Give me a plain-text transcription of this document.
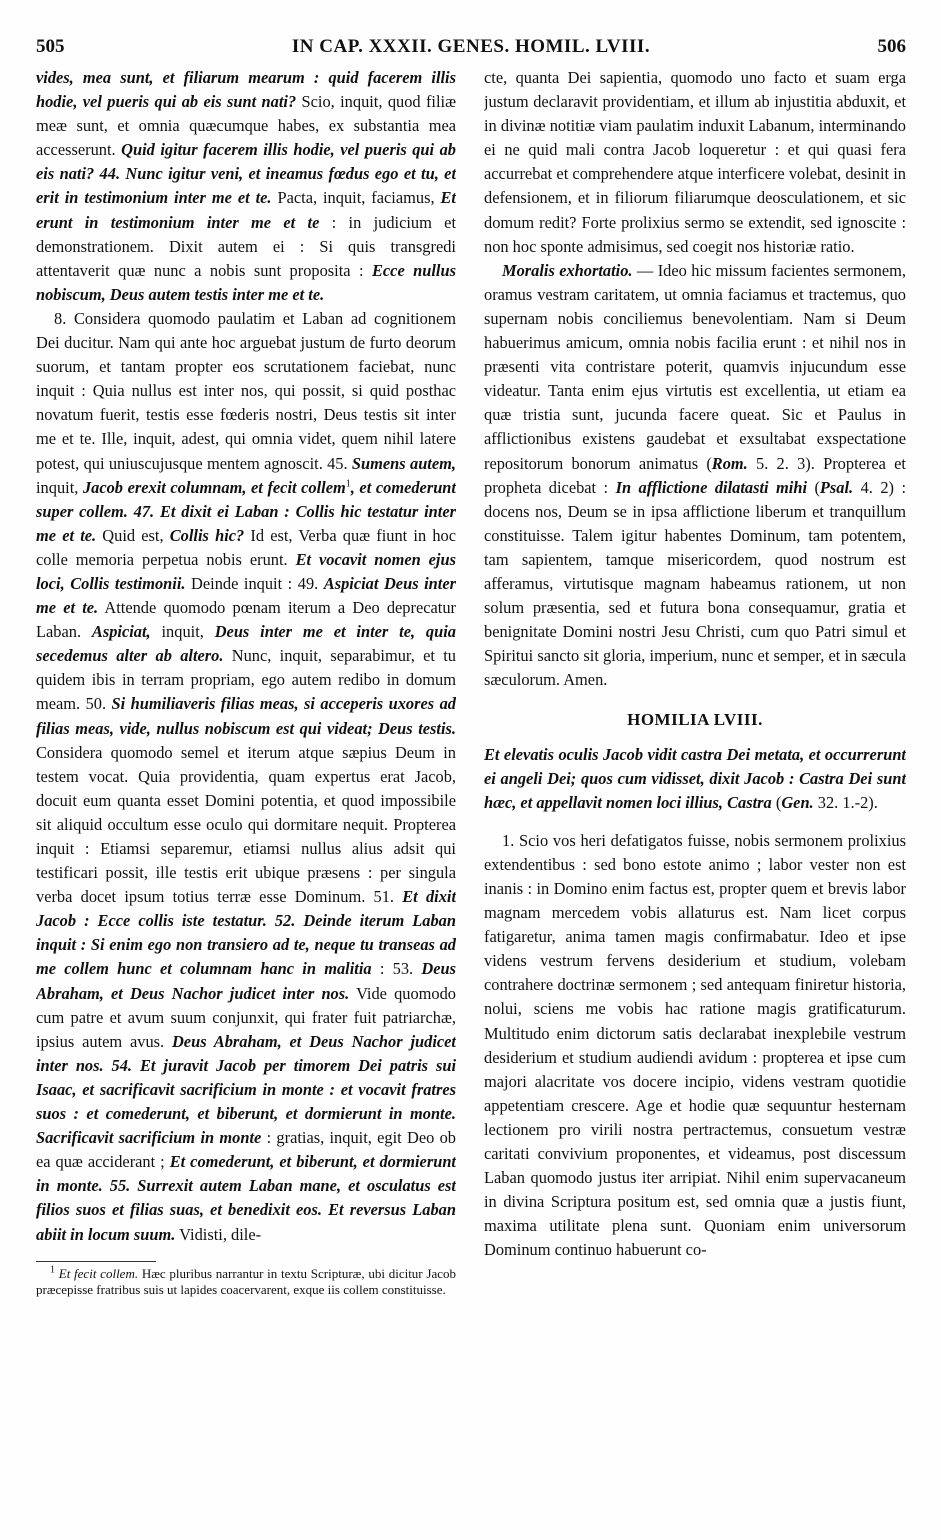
505	IN CAP. XXXII. GENES. HOMIL. LVIII.	506

vides, mea sunt, et filiarum mearum : quid facerem illis hodie, vel pueris qui ab eis sunt nati? Scio, inquit, quod filiæ meæ sunt, et omnia quæcumque habes, ex substantia mea accesserunt. Quid igitur facerem illis hodie, vel pueris qui ab eis nati? 44. Nunc igitur veni, et ineamus fœdus ego et tu, et erit in testimonium inter me et te. Pacta, inquit, faciamus, Et erunt in testimonium inter me et te : in judicium et demonstrationem. Dixit autem ei : Si quis transgredi attentaverit quæ nunc a nobis sunt proposita : Ecce nullus nobiscum, Deus autem testis inter me et te.

8. Considera quomodo paulatim et Laban ad cognitionem Dei ducitur. Nam qui ante hoc arguebat justum de furto deorum suorum, et tantam propter eos scrutationem faciebat, nunc inquit : Quia nullus est inter nos, qui possit, si quid posthac novatum fuerit, testis esse fœderis nostri, Deus testis sit inter me et te. Ille, inquit, adest, qui omnia videt, quem nihil latere potest, qui uniuscujusque mentem agnoscit. 45. Sumens autem, inquit, Jacob erexit columnam, et fecit collem$^1$, et comederunt super collem. 47. Et dixit ei Laban : Collis hic testatur inter me et te. Quid est, Collis hic? Id est, Verba quæ fiunt in hoc colle memoria perpetua nobis erunt. Et vocavit nomen ejus loci, Collis testimonii. Deinde inquit : 49. Aspiciat Deus inter me et te. Attende quomodo pœnam iterum a Deo deprecatur Laban. Aspiciat, inquit, Deus inter me et inter te, quia secedemus alter ab altero. Nunc, inquit, separabimur, et tu quidem ibis in terram propriam, ego autem redibo in domum meam. 50. Si humiliaveris filias meas, si acceperis uxores ad filias meas, vide, nullus nobiscum est qui videat; Deus testis. Considera quomodo semel et iterum atque sæpius Deum in testem vocat. Quia providentia, quam expertus erat Jacob, docuit eum quanta esset Domini potentia, et quod impossibile sit aliquid occultum esse oculo qui dormitare nequit. Propterea inquit : Etiamsi separemur, etiamsi nullus alius adsit qui testificari possit, ille testis erit ubique præsens : per singula verba docet ipsum totius terræ esse Dominum. 51. Et dixit Jacob : Ecce collis iste testatur. 52. Deinde iterum Laban inquit : Si enim ego non transiero ad te, neque tu transeas ad me collem hunc et columnam hanc in malitia : 53. Deus Abraham, et Deus Nachor judicet inter nos. Vide quomodo cum patre et avum suum conjunxit, qui frater fuit patriarchæ, ipsius autem avus. Deus Abraham, et Deus Nachor judicet inter nos. 54. Et juravit Jacob per timorem Dei patris sui Isaac, et sacrificavit sacrificium in monte : et vocavit fratres suos : et comederunt, et biberunt, et dormierunt in monte. Sacrificavit sacrificium in monte : gratias, inquit, egit Deo ob ea quæ acciderant ; Et comederunt, et biberunt, et dormierunt in monte. 55. Surrexit autem Laban mane, et osculatus est filios suos et filias suas, et benedixit eos. Et reversus Laban abiit in locum suum. Vidisti, dile-

$^1$ Et fecit collem. Hæc pluribus narrantur in textu Scripturæ, ubi dicitur Jacob præcepisse fratribus suis ut lapides coacervarent, exque iis collem constituisse.

cte, quanta Dei sapientia, quomodo uno facto et suam erga justum declaravit providentiam, et illum ab injustitia abduxit, et in divinæ notitiæ viam paulatim induxit Labanum, interminando ei ne quid mali contra Jacob loqueretur : et qui quasi fera accurrebat et comprehendere atque interficere volebat, desinit in defensionem, et in filiorum filiarumque deosculationem, et sic domum redit? Forte prolixius sermo se extendit, sed ignoscite : non hoc sponte admisimus, sed coegit nos historiæ ratio.

Moralis exhortatio. — Ideo hic missum facientes sermonem, oramus vestram caritatem, ut omnia faciamus et tractemus, quo supernam nobis conciliemus benevolentiam. Nam si Deum habuerimus amicum, omnia nobis facilia erunt : et nihil nos in præsenti vita contristare poterit, quamvis injucundum esse videatur. Tanta enim ejus virtutis est excellentia, ut etiam ea quæ tristia sunt, jucunda facere queat. Sic et Paulus in afflictionibus existens gaudebat et exsultabat exspectatione repositorum bonorum animatus (Rom. 5. 2. 3). Propterea et propheta dicebat : In afflictione dilatasti mihi (Psal. 4. 2) : docens nos, Deum se in ipsa afflictione liberum et tranquillum constituisse. Talem igitur habentes Dominum, tam potentem, tam sapientem, tamque misericordem, quod nostrum est afferamus, virtutisque magnam habeamus rationem, ut non solum præsentia, sed et futura bona consequamur, gratia et benignitate Domini nostri Jesu Christi, cum quo Patri simul et Spiritui sancto sit gloria, imperium, nunc et semper, et in sæcula sæculorum. Amen.

HOMILIA LVIII.

Et elevatis oculis Jacob vidit castra Dei metata, et occurrerunt ei angeli Dei; quos cum vidisset, dixit Jacob : Castra Dei sunt hæc, et appellavit nomen loci illius, Castra (Gen. 32. 1.-2).

1. Scio vos heri defatigatos fuisse, nobis sermonem prolixius extendentibus : sed bono estote animo ; labor vester non est inanis : in Domino enim factus est, propter quem et brevis labor magnam mercedem vobis allaturus est. Nam licet corpus fatigaretur, anima tamen magis confirmabatur. Ideo et ipse videns vestrum fervens desiderium et studium, volebam contrahere doctrinæ sermonem ; sed antequam finiretur historia, nolui, sciens me vobis hac ratione magis gratificaturum. Multitudo enim dictorum satis declarabat inexplebile vestrum desiderium et studium audiendi avidum : propterea et ipse cum majori alacritate vos docere incipio, videns vestram quotidie appetentiam crescere. Age et hodie quæ sequuntur hesternam lectionem pro virili nostra pertractemus, consuetum vestræ caritati convivium proponentes, et videamus, post discessum Laban quomodo justus iter arripiat. Nihil enim supervacaneum in divina Scriptura positum est, sed omnia quæ a justis fiunt, maxima utilitate plena sunt. Quoniam enim universorum Dominum continuo habuerunt co-
